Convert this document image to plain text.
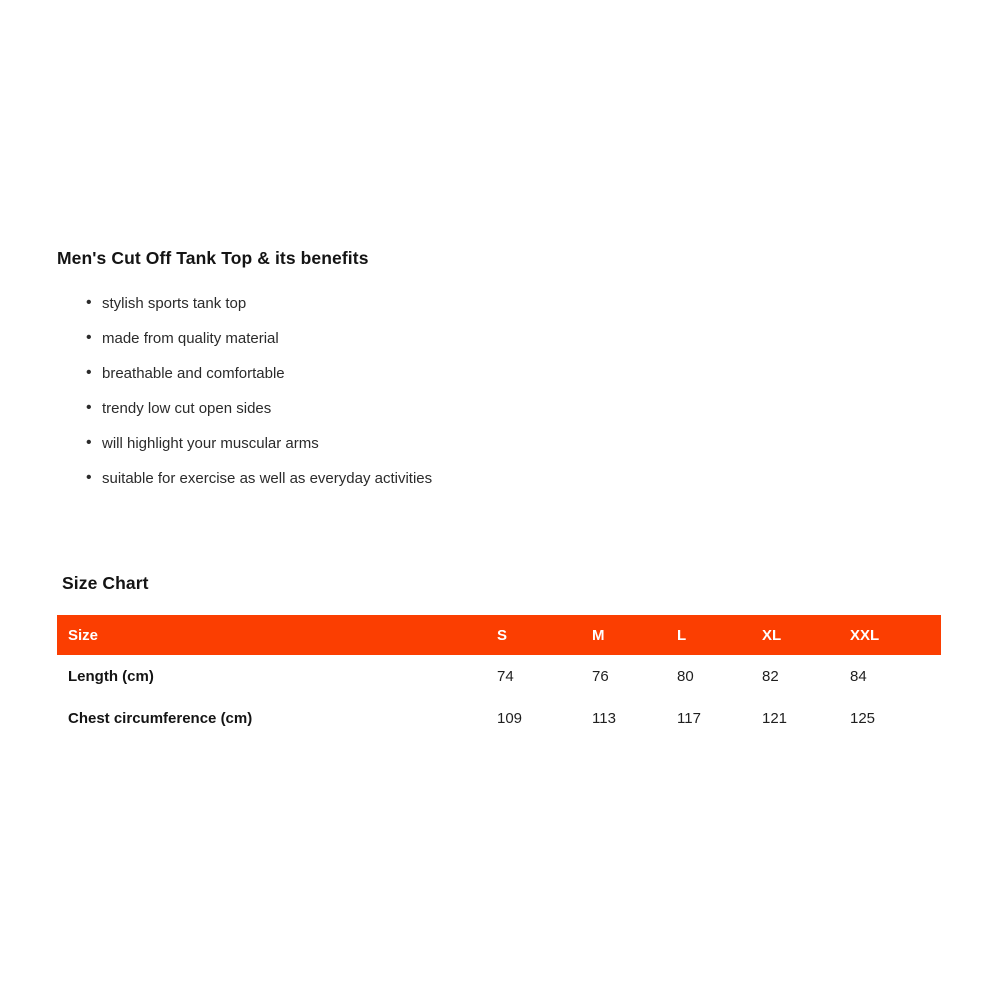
Men's Cut Off Tank Top & its benefits
• stylish sports tank top
• made from quality material
• breathable and comfortable
• trendy low cut open sides
• will highlight your muscular arms
• suitable for exercise as well as everyday activities
Size Chart
Size	S	M	L	XL	XXL
Length (cm)	74	76	80	82	84
Chest circumference (cm)	109	113	117	121	125
